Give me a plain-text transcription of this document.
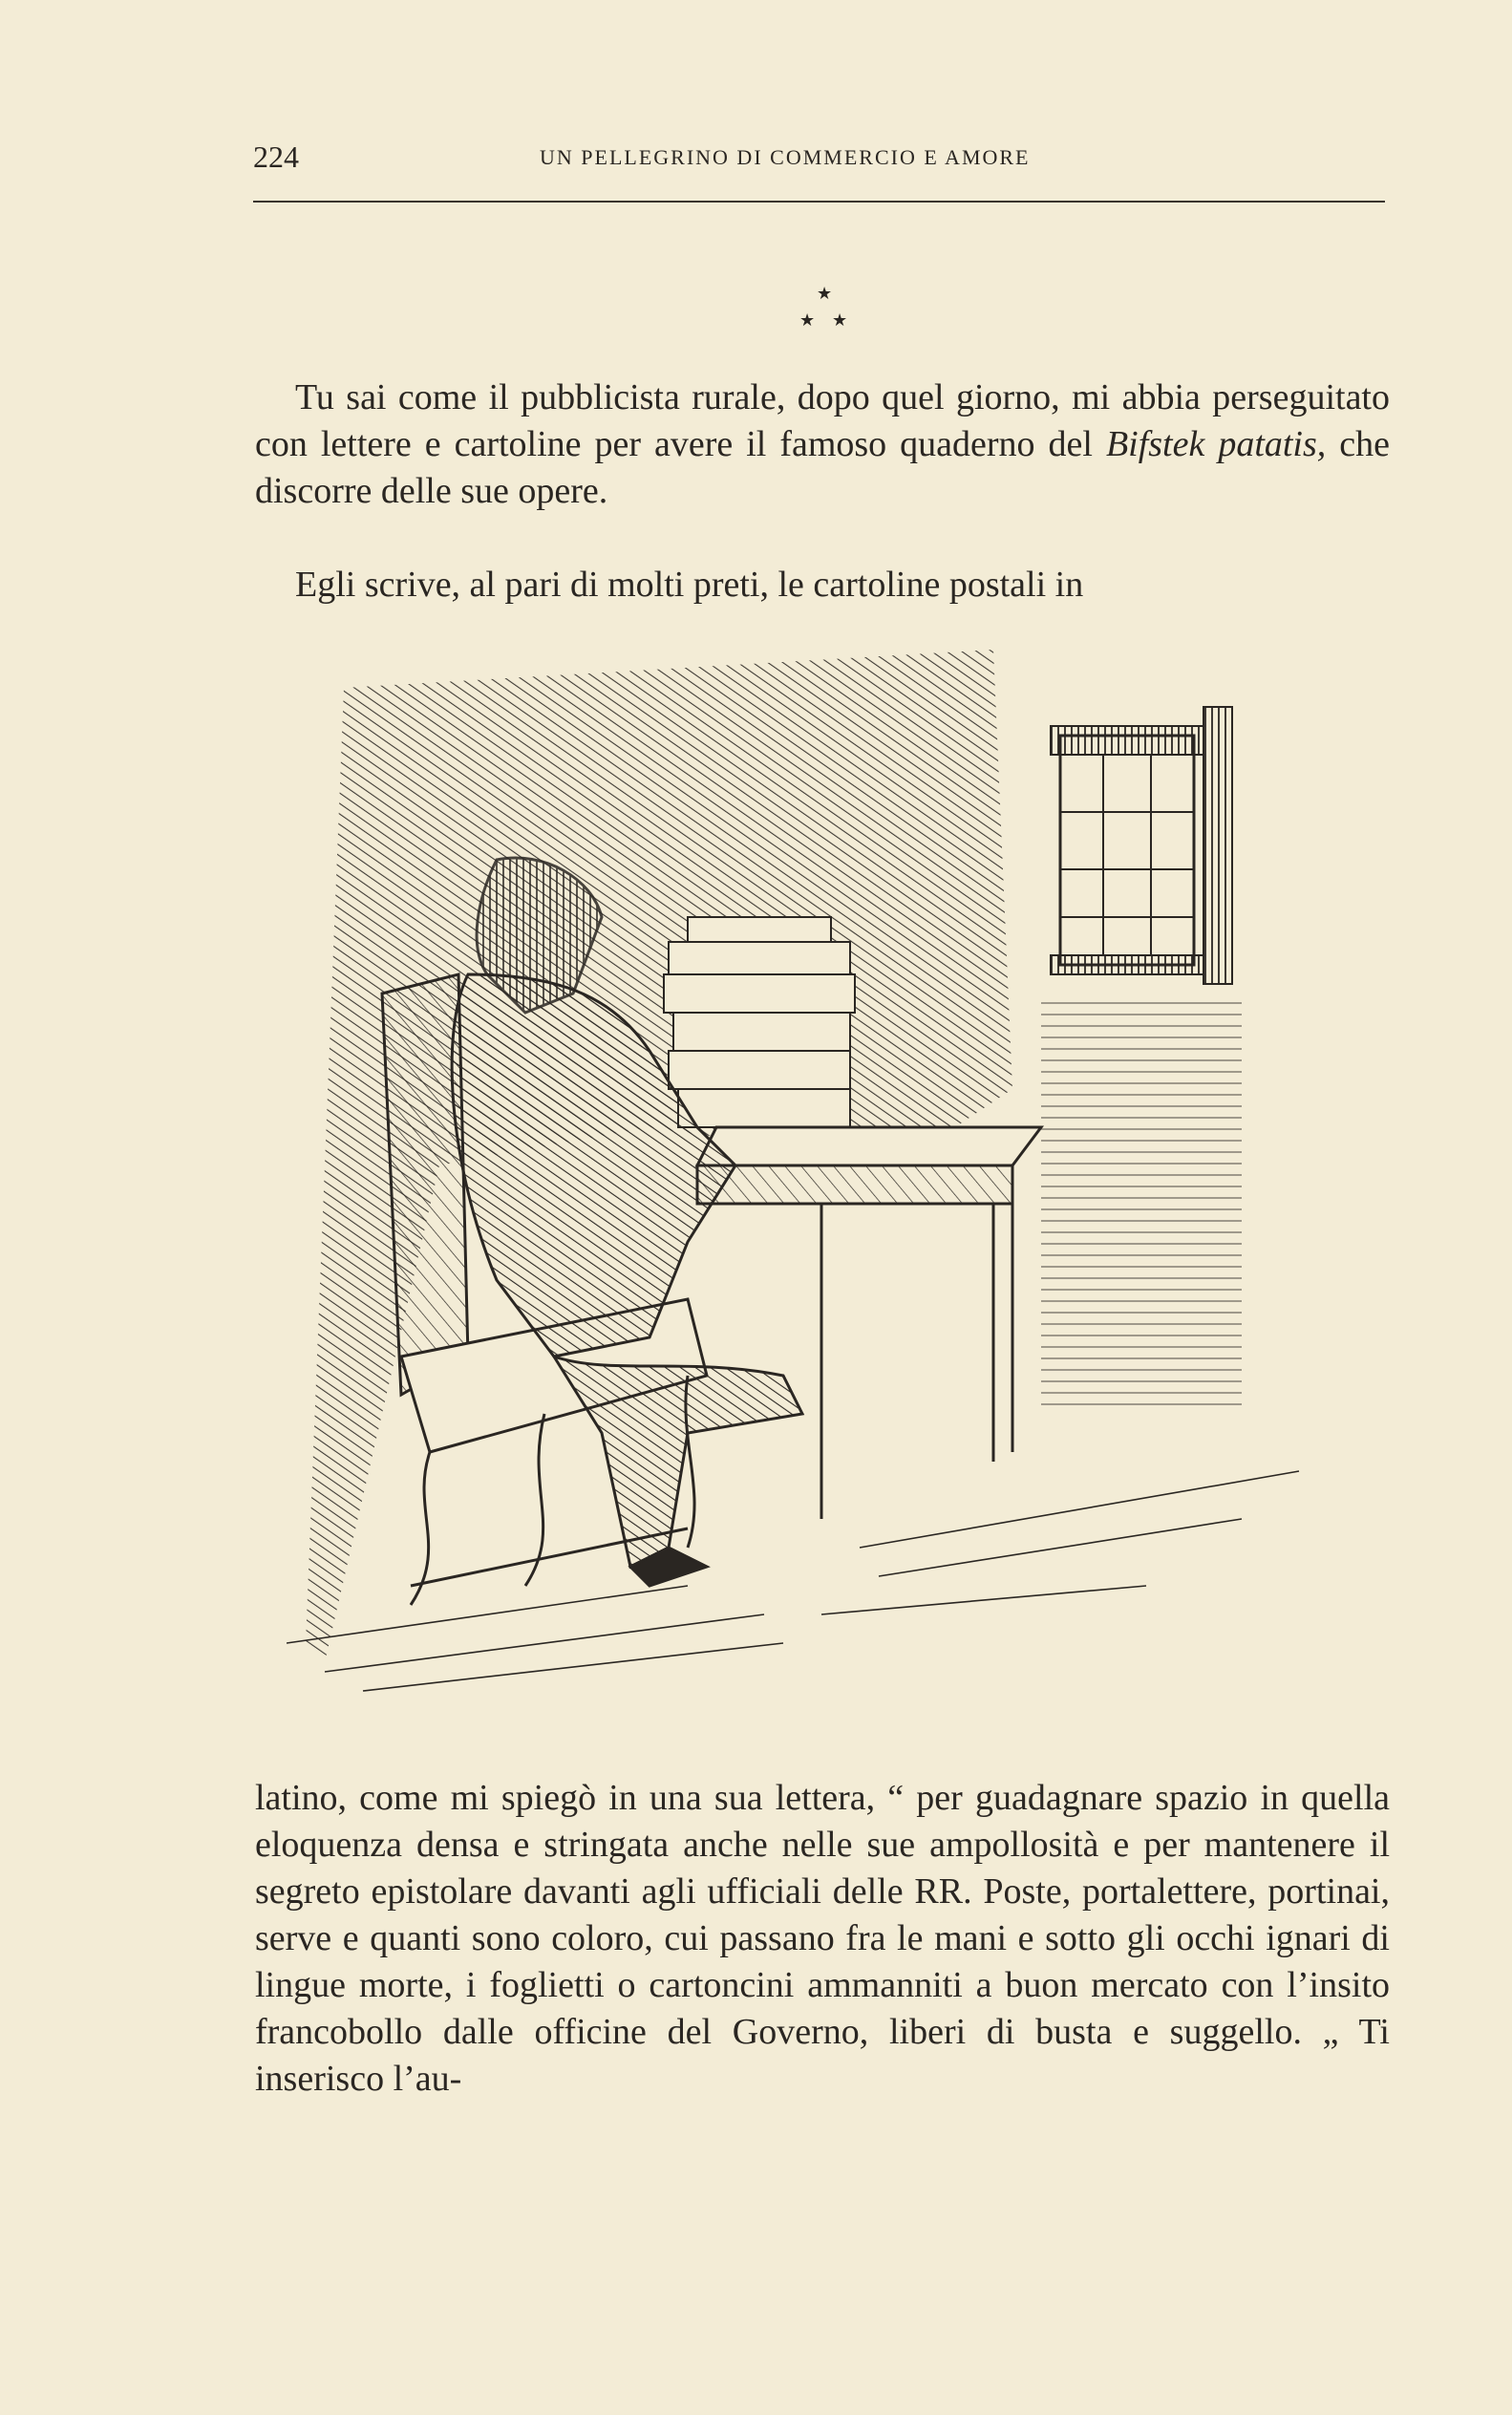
224	UN PELLEGRINO DI COMMERCIO E AMORE
★
★ ★

Tu sai come il pubblicista rurale, dopo quel giorno, mi abbia perseguitato con lettere e cartoline per avere il famoso quaderno del Bifstek patatis, che discorre delle sue opere.

Egli scrive, al pari di molti preti, le cartoline postali in

latino, come mi spiegò in una sua lettera, “ per guadagnare spazio in quella eloquenza densa e stringata anche nelle sue ampollosità e per mantenere il segreto epistolare davanti agli ufficiali delle RR. Poste, portalettere, portinai, serve e quanti sono coloro, cui passano fra le mani e sotto gli occhi ignari di lingue morte, i foglietti o cartoncini ammanniti a buon mercato con l’insito francobollo dalle officine del Governo, liberi di busta e suggello. „ Ti inserisco l’au-
